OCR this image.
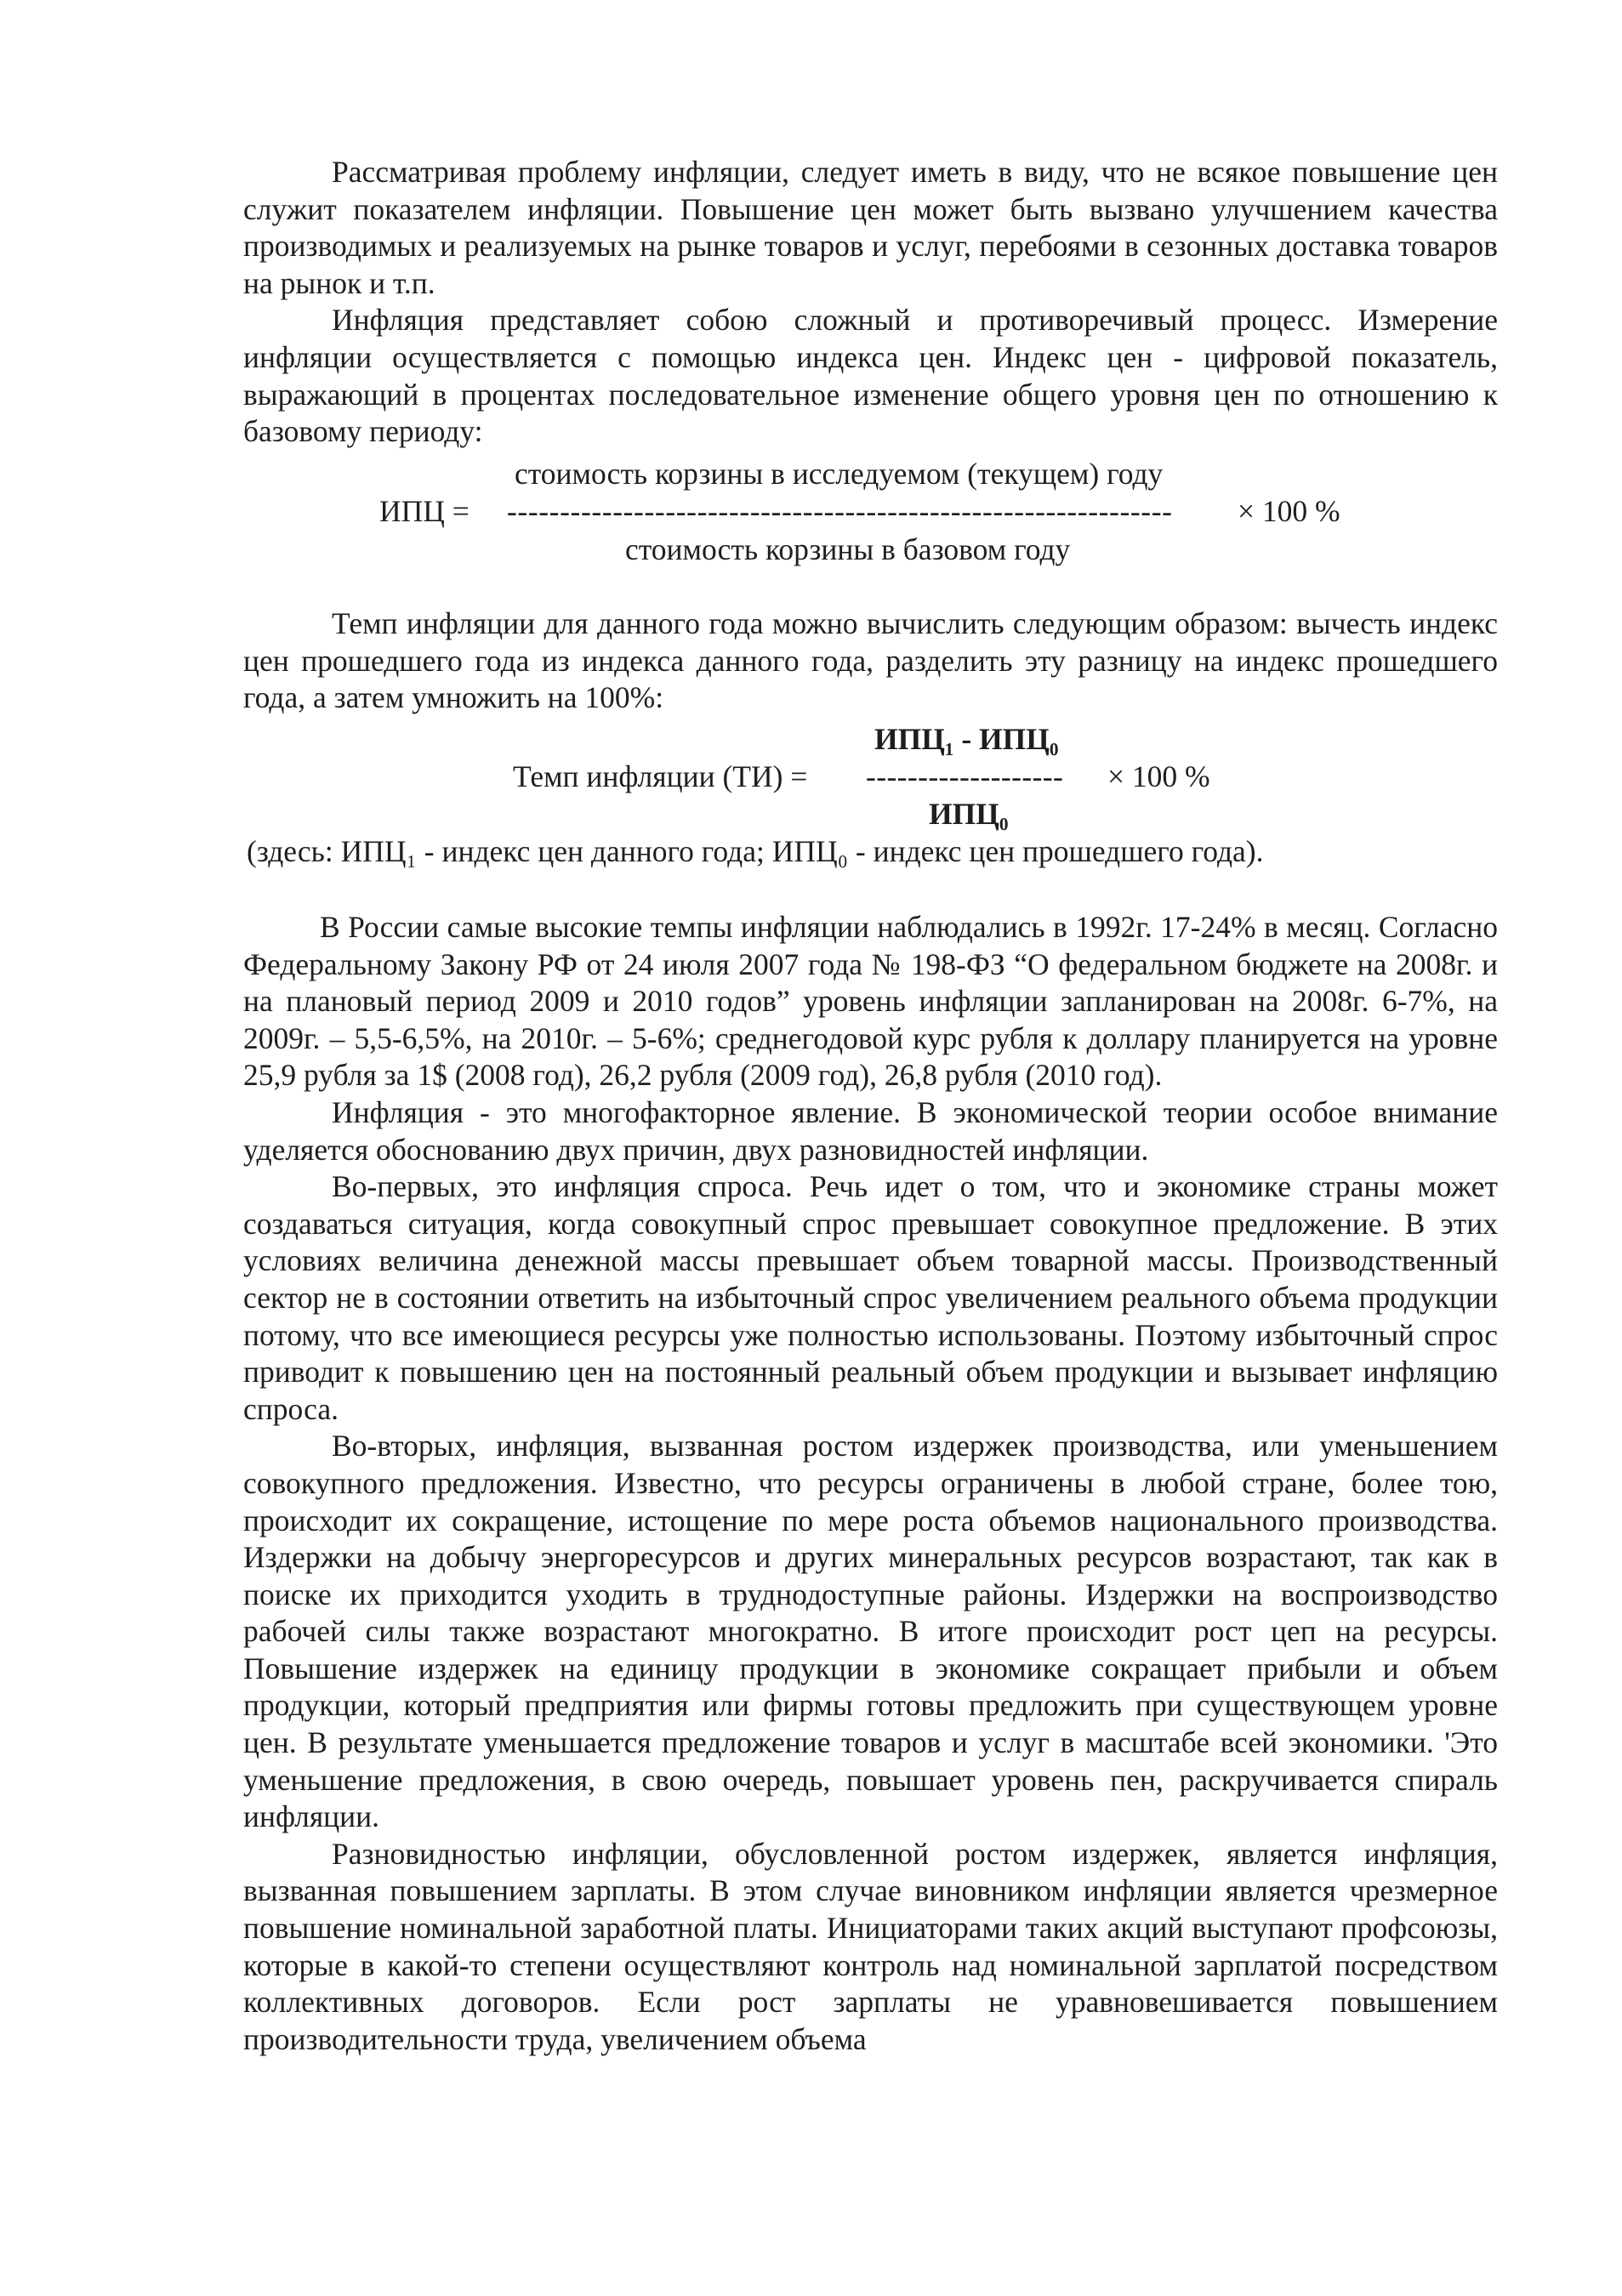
Рассматривая проблему инфляции, следует иметь в виду, что не всякое повышение цен служит показателем инфляции. Повышение цен может быть вызвано улучшением качества производимых и реализуемых на рынке товаров и услуг, перебоями в сезонных доставка товаров на рынок и т.п.

Инфляция представляет собою сложный и противоречивый процесс. Измерение инфляции осуществляется с помощью индекса цен. Индекс цен - цифровой показатель, выражающий в процентах последовательное изменение общего уровня цен по отношению к базовому периоду:

стоимость корзины в исследуемом (текущем) году
ИПЦ = --------------------------------------------------------------- × 100 %
стоимость корзины в базовом году

Темп инфляции для данного года можно вычислить следующим образом: вычесть индекс цен прошедшего года из индекса данного года, разделить эту разницу на индекс прошедшего года, а затем умножить на 100%:

ИПЦ₁ - ИПЦ₀
Темп инфляции (ТИ) = ------------------- × 100 %
ИПЦ₀
(здесь: ИПЦ₁ - индекс цен данного года; ИПЦ₀ - индекс цен прошедшего года).

В России самые высокие темпы инфляции наблюдались в 1992г. 17-24% в месяц. Согласно Федеральному Закону РФ от 24 июля 2007 года № 198-ФЗ “О федеральном бюджете на 2008г. и на плановый период 2009 и 2010 годов” уровень инфляции запланирован на 2008г. 6-7%, на 2009г. – 5,5-6,5%, на 2010г. – 5-6%; среднегодовой курс рубля к доллару планируется на уровне 25,9 рубля за 1$ (2008 год), 26,2 рубля (2009 год), 26,8 рубля (2010 год).

Инфляция - это многофакторное явление. В экономической теории особое внимание уделяется обоснованию двух причин, двух разновидностей инфляции.

Во-первых, это инфляция спроса. Речь идет о том, что и экономике страны может создаваться ситуация, когда совокупный спрос превышает совокупное предложение. В этих условиях величина денежной массы превышает объем товарной массы. Производственный сектор не в состоянии ответить на избыточный спрос увеличением реального объема продукции потому, что все имеющиеся ресурсы уже полностью использованы. Поэтому избыточный спрос приводит к повышению цен на постоянный реальный объем продукции и вызывает инфляцию спроса.

Во-вторых, инфляция, вызванная ростом издержек производства, или уменьшением совокупного предложения. Известно, что ресурсы ограничены в любой стране, более тою, происходит их сокращение, истощение по мере роста объемов национального производства. Издержки на добычу энергоресурсов и других минеральных ресурсов возрастают, так как в поиске их приходится уходить в труднодоступные районы. Издержки на воспроизводство рабочей силы также возрастают многократно. В итоге происходит рост цеп на ресурсы. Повышение издержек на единицу продукции в экономике сокращает прибыли и объем продукции, который предприятия или фирмы готовы предложить при существующем уровне цен. В результате уменьшается предложение товаров и услуг в масштабе всей экономики. 'Это уменьшение предложения, в свою очередь, повышает уровень пен, раскручивается спираль инфляции.

Разновидностью инфляции, обусловленной ростом издержек, является инфляция, вызванная повышением зарплаты. В этом случае виновником инфляции является чрезмерное повышение номинальной заработной платы. Инициаторами таких акций выступают профсоюзы, которые в какой-то степени осуществляют контроль над номинальной зарплатой посредством коллективных договоров. Если рост зарплаты не уравновешивается повышением производительности труда, увеличением объема
